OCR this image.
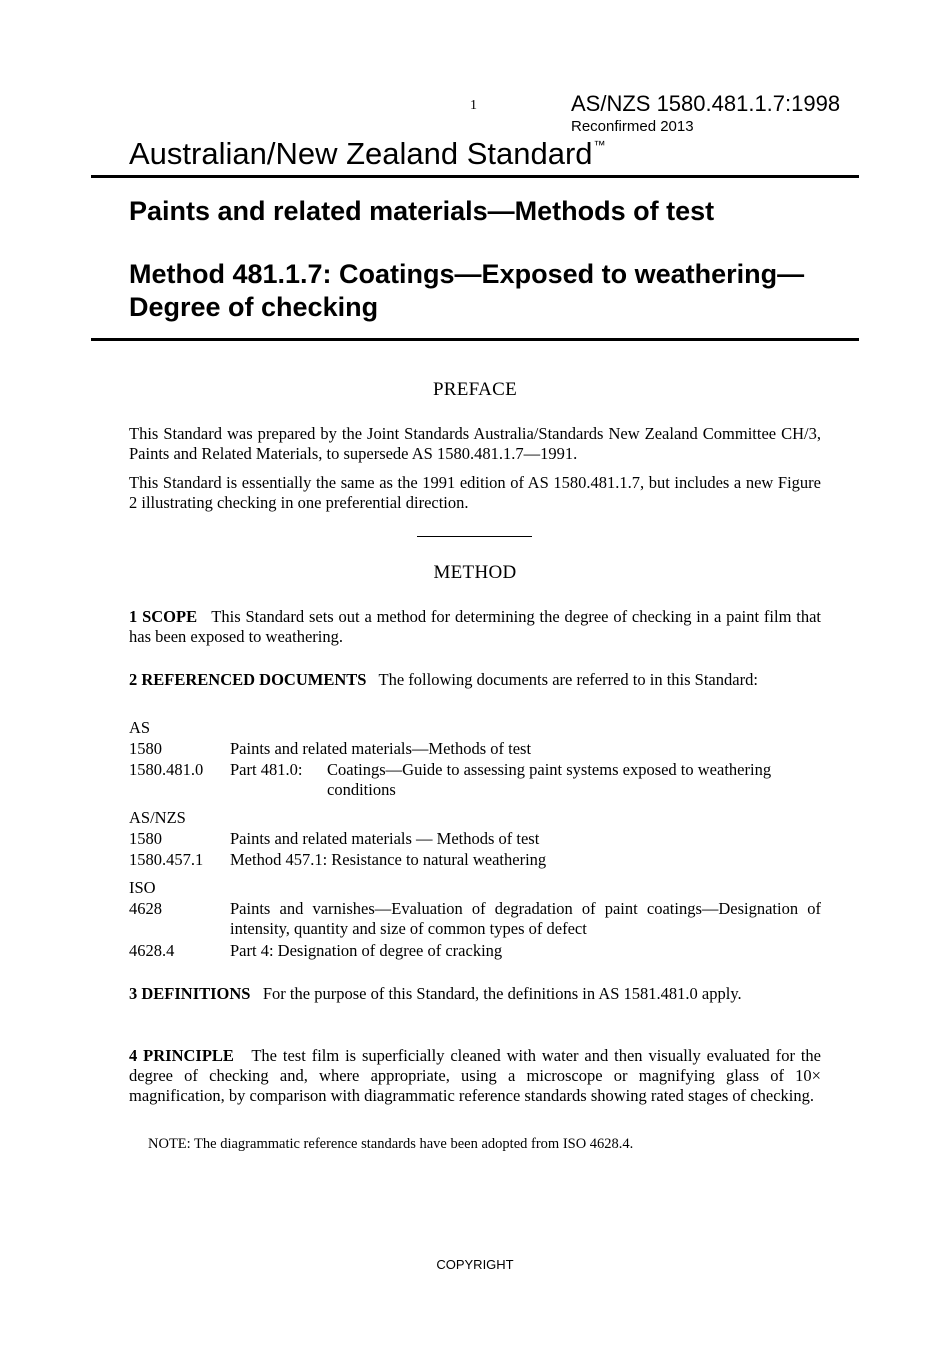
1	AS/NZS 1580.481.1.7:1998
Reconfirmed 2013
Australian/New Zealand Standard™
Paints and related materials—Methods of test
Method 481.1.7: Coatings—Exposed to weathering—Degree of checking
PREFACE
This Standard was prepared by the Joint Standards Australia/Standards New Zealand Committee CH/3, Paints and Related Materials, to supersede AS 1580.481.1.7—1991.
This Standard is essentially the same as the 1991 edition of AS 1580.481.1.7, but includes a new Figure 2 illustrating checking in one preferential direction.
METHOD
1 SCOPE This Standard sets out a method for determining the degree of checking in a paint film that has been exposed to weathering.
2 REFERENCED DOCUMENTS The following documents are referred to in this Standard:
AS
1580	Paints and related materials—Methods of test
1580.481.0 Part 481.0: Coatings—Guide to assessing paint systems exposed to weathering conditions
AS/NZS
1580	Paints and related materials — Methods of test
1580.457.1 Method 457.1: Resistance to natural weathering
ISO
4628	Paints and varnishes—Evaluation of degradation of paint coatings—Designation of intensity, quantity and size of common types of defect
4628.4	Part 4: Designation of degree of cracking
3 DEFINITIONS For the purpose of this Standard, the definitions in AS 1581.481.0 apply.
4 PRINCIPLE The test film is superficially cleaned with water and then visually evaluated for the degree of checking and, where appropriate, using a microscope or magnifying glass of 10× magnification, by comparison with diagrammatic reference standards showing rated stages of checking.
NOTE: The diagrammatic reference standards have been adopted from ISO 4628.4.
COPYRIGHT
